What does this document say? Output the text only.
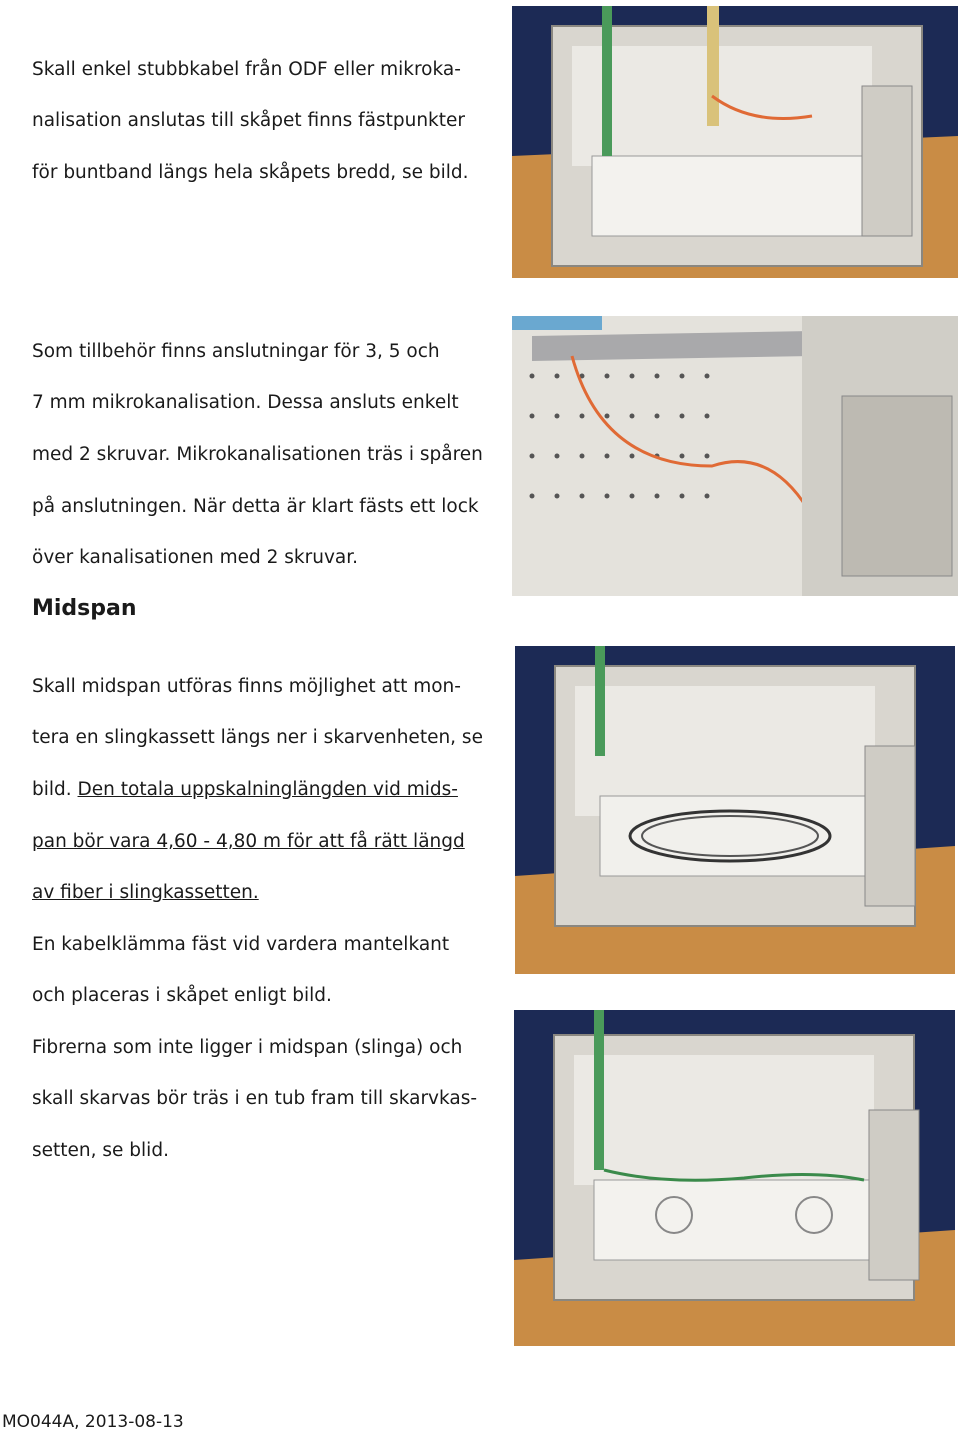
Skall enkel stubbkabel från ODF eller mikroka-

nalisation anslutas till skåpet finns fästpunkter

för buntband längs hela skåpets bredd, se bild.

Som tillbehör finns anslutningar för 3, 5 och

7 mm mikrokanalisation. Dessa ansluts enkelt

med 2 skruvar. Mikrokanalisationen träs i spåren

på anslutningen. När detta är klart fästs ett lock

över kanalisationen med 2 skruvar.

Midspan

Skall midspan utföras finns möjlighet att mon-

tera en slingkassett längs ner i skarvenheten, se

bild. Den totala uppskalninglängden vid mids-

pan bör vara 4,60 - 4,80 m för att få rätt längd

av fiber i slingkassetten.

En kabelklämma fäst vid vardera mantelkant

och placeras i skåpet enligt bild.

Fibrerna som inte ligger i midspan (slinga) och

skall skarvas bör träs i en tub fram till skarvkas-

setten, se blid.

MO044A, 2013-08-13
